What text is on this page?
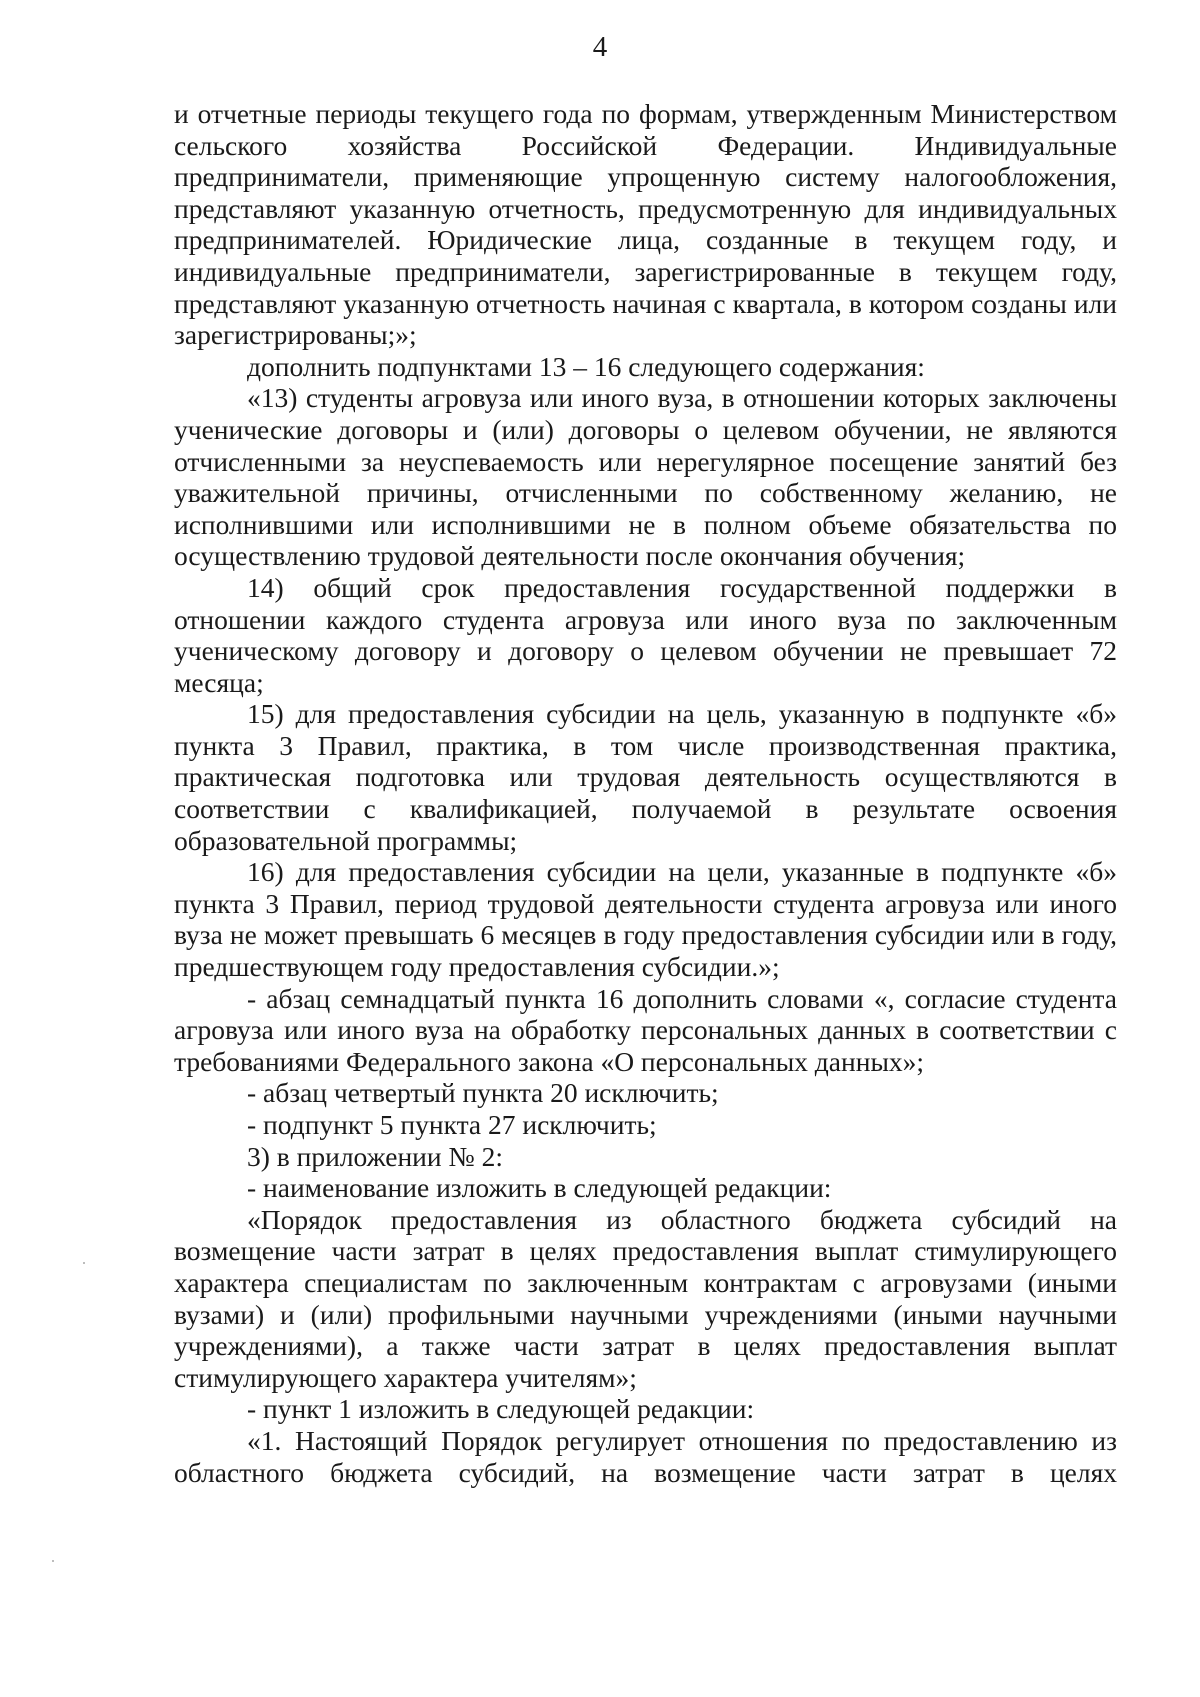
4

и отчетные периоды текущего года по формам, утвержденным Министерством сельского хозяйства Российской Федерации. Индивидуальные предприниматели, применяющие упрощенную систему налогообложения, представляют указанную отчетность, предусмотренную для индивидуальных предпринимателей. Юридические лица, созданные в текущем году, и индивидуальные предприниматели, зарегистрированные в текущем году, представляют указанную отчетность начиная с квартала, в котором созданы или зарегистрированы;»;

дополнить подпунктами 13 – 16 следующего содержания:

«13) студенты агровуза или иного вуза, в отношении которых заключены ученические договоры и (или) договоры о целевом обучении, не являются отчисленными за неуспеваемость или нерегулярное посещение занятий без уважительной причины, отчисленными по собственному желанию, не исполнившими или исполнившими не в полном объеме обязательства по осуществлению трудовой деятельности после окончания обучения;

14) общий срок предоставления государственной поддержки в отношении каждого студента агровуза или иного вуза по заключенным ученическому договору и договору о целевом обучении не превышает 72 месяца;

15) для предоставления субсидии на цель, указанную в подпункте «б» пункта 3 Правил, практика, в том числе производственная практика, практическая подготовка или трудовая деятельность осуществляются в соответствии с квалификацией, получаемой в результате освоения образовательной программы;

16) для предоставления субсидии на цели, указанные в подпункте «б» пункта 3 Правил, период трудовой деятельности студента агровуза или иного вуза не может превышать 6 месяцев в году предоставления субсидии или в году, предшествующем году предоставления субсидии.»;

- абзац семнадцатый пункта 16 дополнить словами «, согласие студента агровуза или иного вуза на обработку персональных данных в соответствии с требованиями Федерального закона «О персональных данных»;

- абзац четвертый пункта 20 исключить;

- подпункт 5 пункта 27 исключить;

3) в приложении № 2:

- наименование изложить в следующей редакции:

«Порядок предоставления из областного бюджета субсидий на возмещение части затрат в целях предоставления выплат стимулирующего характера специалистам по заключенным контрактам с агровузами (иными вузами) и (или) профильными научными учреждениями (иными научными учреждениями), а также части затрат в целях предоставления выплат стимулирующего характера учителям»;

- пункт 1 изложить в следующей редакции:

«1. Настоящий Порядок регулирует отношения по предоставлению из областного бюджета субсидий, на возмещение части затрат в целях
